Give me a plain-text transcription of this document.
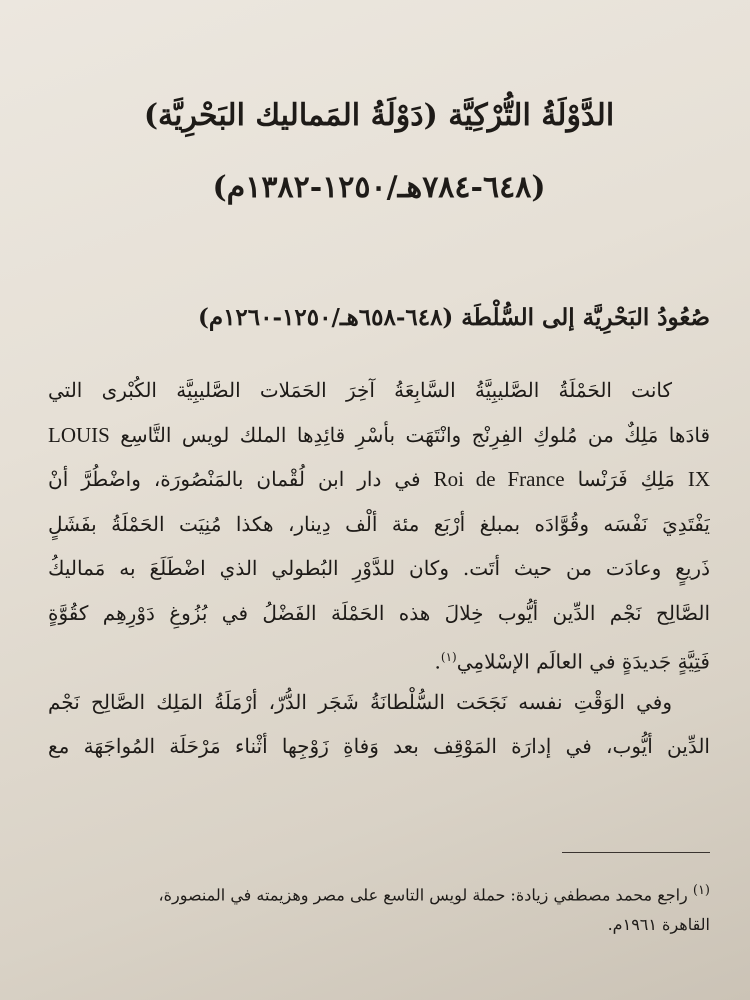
الدَّوْلَةُ التُّرْكِيَّة (دَوْلَةُ المَماليك البَحْرِيَّة)
(٦٤٨-٧٨٤هـ/١٢٥٠-١٣٨٢م)
صُعُودُ البَحْرِيَّة إلى السُّلْطَة (٦٤٨-٦٥٨هـ/١٢٥٠-١٢٦٠م)
كانت الحَمْلَةُ الصَّليبِيَّةُ السَّابِعَةُ آخِرَ الحَمَلات الصَّليبِيَّة الكُبْرى التي
قادَها مَلِكٌ من مُلوكِ الفِرِنْج وانْتَهَت بأسْرِ قائِدِها الملك لويس التَّاسِع LOUIS
IX مَلِكِ فَرَنْسا Roi de France في دار ابن لُقْمان بالمَنْصُورَة، واضْطُرَّ أنْ
يَفْتَدِيَ نَفْسَه وقُوَّادَه بمبلغ أرْبَع مئة ألْف دِينار، هكذا مُنِيَت الحَمْلَةُ بفَشَلٍ
ذَريعٍ وعادَت من حيث أتَت. وكان للدَّوْرِ البُطولي الذي اضْطَلَعَ به مَماليكُ
الصَّالِح نَجْم الدِّين أيُّوب خِلالَ هذه الحَمْلَة الفَضْلُ في بُزُوغِ دَوْرِهِم كقُوَّةٍ
فَتِيَّةٍ جَديدَةٍ في العالَم الإسْلامِي$^{(١)}$.
وفي الوَقْتِ نفسه نَجَحَت السُّلْطانَةُ شَجَر الدُّرّ، أرْمَلَةُ المَلِك الصَّالِح نَجْم
الدِّين أيُّوب، في إدارَة المَوْقِف بعد وَفاةِ زَوْجِها أثْناء مَرْحَلَة المُواجَهَة مع
$^{(١)}$ راجع محمد مصطفي زيادة: حملة لويس التاسع على مصر وهزيمته في المنصورة،
القاهرة ١٩٦١م.
